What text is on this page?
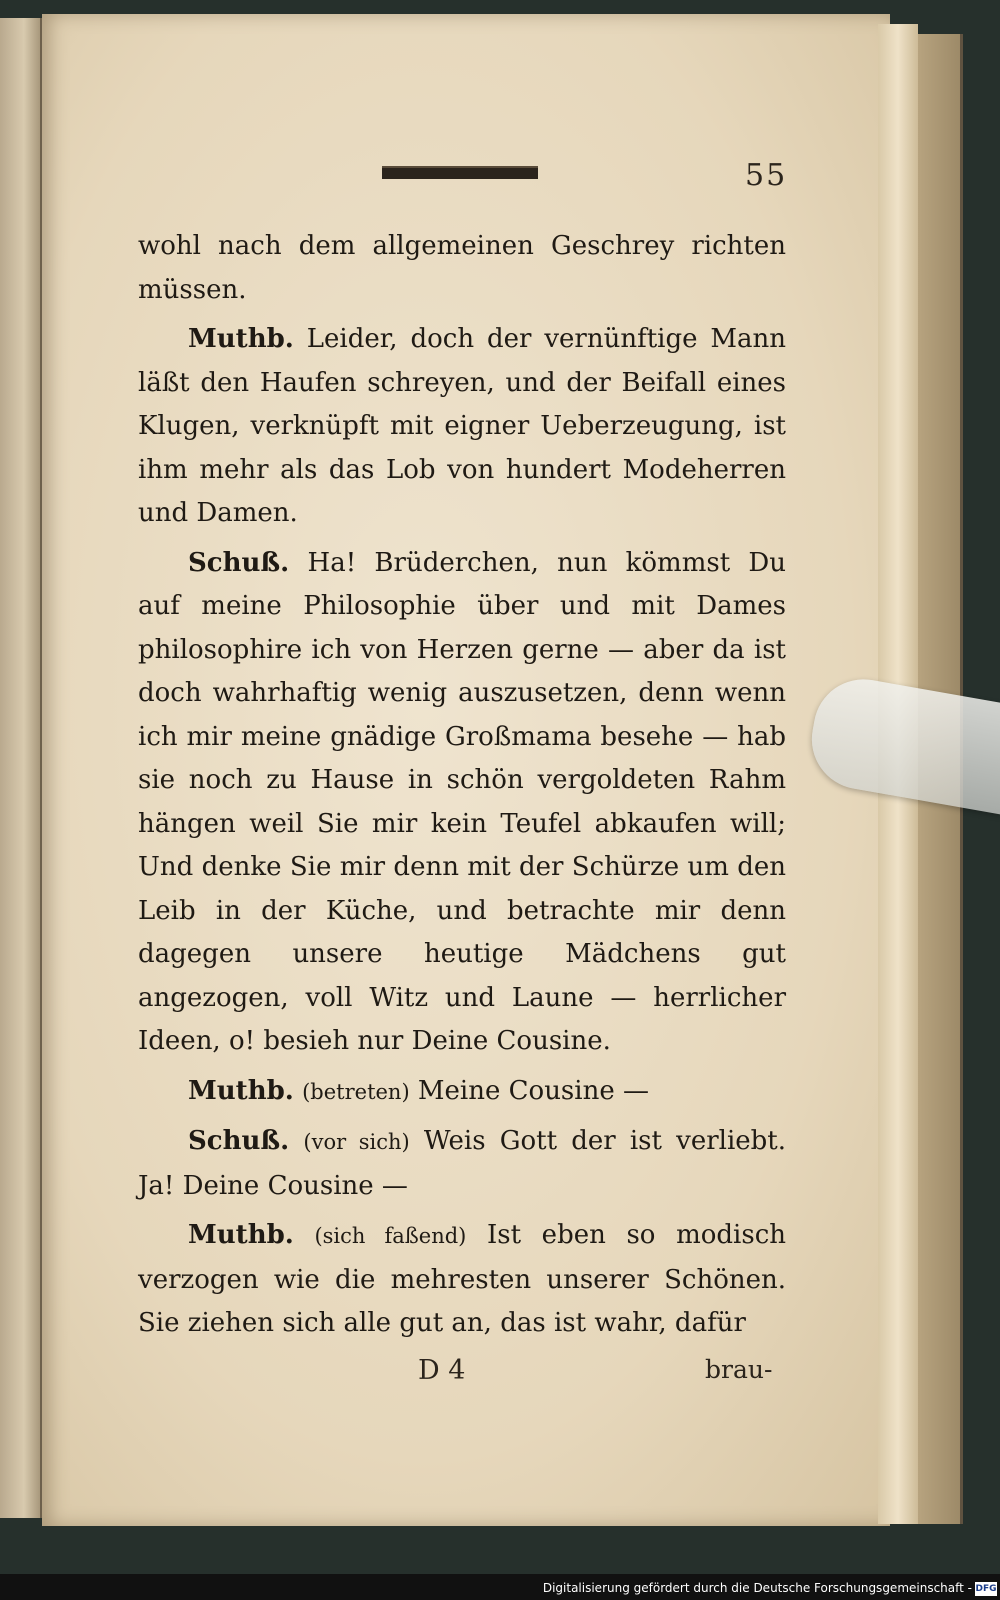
55

wohl nach dem allgemeinen Geschrey richten müssen.

Muthb. Leider, doch der vernünftige Mann läßt den Haufen schreyen, und der Beifall eines Klugen, verknüpft mit eigner Ueberzeugung, ist ihm mehr als das Lob von hundert Modeherren und Damen.

Schuß. Ha! Brüderchen, nun kömmst Du auf meine Philosophie über und mit Dames philosophire ich von Herzen gerne — aber da ist doch wahrhaftig wenig auszusetzen, denn wenn ich mir meine gnädige Großmama besehe — hab sie noch zu Hause in schön vergoldeten Rahm hängen weil Sie mir kein Teufel abkaufen will; Und denke Sie mir denn mit der Schürze um den Leib in der Küche, und betrachte mir denn dagegen unsere heutige Mädchens gut angezogen, voll Witz und Laune — herrlicher Ideen, o! besieh nur Deine Cousine.

Muthb. (betreten) Meine Cousine —

Schuß. (vor sich) Weis Gott der ist verliebt. Ja! Deine Cousine —

Muthb. (sich faßend) Ist eben so modisch verzogen wie die mehresten unserer Schönen. Sie ziehen sich alle gut an, das ist wahr, dafür

D 4	brau-
Digitalisierung gefördert durch die Deutsche Forschungsgemeinschaft - DFG
